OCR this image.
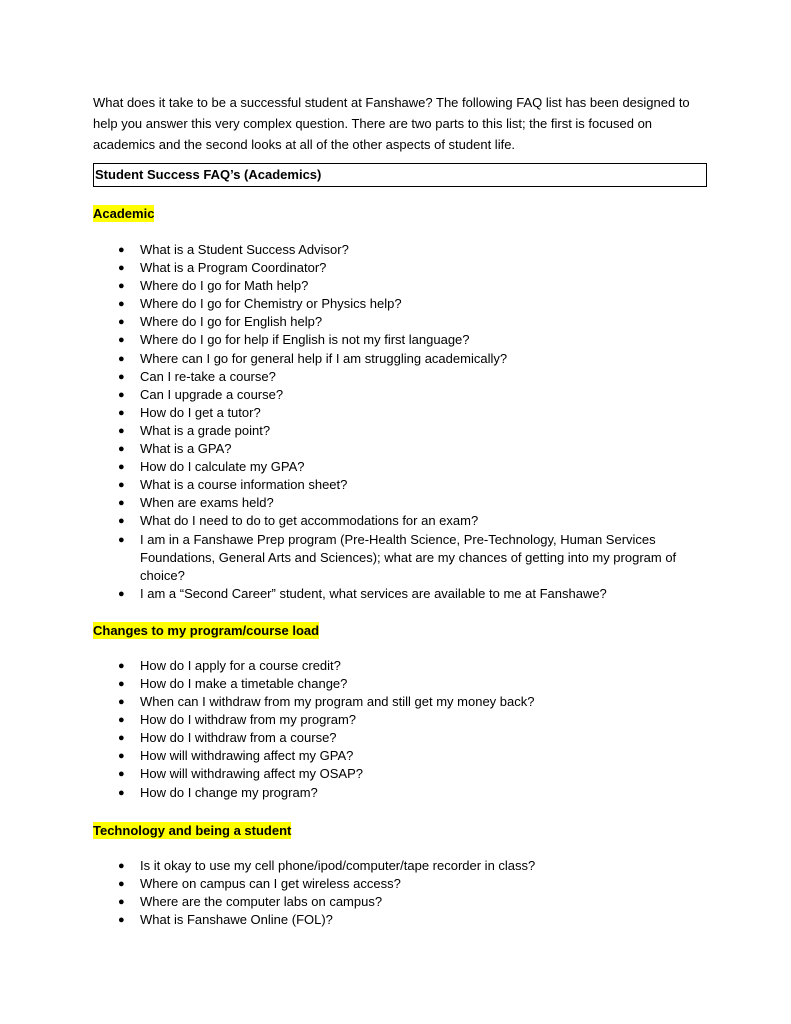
What does it take to be a successful student at Fanshawe? The following FAQ list has been designed to help you answer this very complex question. There are two parts to this list; the first is focused on academics and the second looks at all of the other aspects of student life.

Student Success FAQ’s (Academics)
Academic
● What is a Student Success Advisor?
● What is a Program Coordinator?
● Where do I go for Math help?
● Where do I go for Chemistry or Physics help?
● Where do I go for English help?
● Where do I go for help if English is not my first language?
● Where can I go for general help if I am struggling academically?
● Can I re-take a course?
● Can I upgrade a course?
● How do I get a tutor?
● What is a grade point?
● What is a GPA?
● How do I calculate my GPA?
● What is a course information sheet?
● When are exams held?
● What do I need to do to get accommodations for an exam?
● I am in a Fanshawe Prep program (Pre-Health Science, Pre-Technology, Human Services Foundations, General Arts and Sciences); what are my chances of getting into my program of choice?
● I am a “Second Career” student, what services are available to me at Fanshawe?
Changes to my program/course load
● How do I apply for a course credit?
● How do I make a timetable change?
● When can I withdraw from my program and still get my money back?
● How do I withdraw from my program?
● How do I withdraw from a course?
● How will withdrawing affect my GPA?
● How will withdrawing affect my OSAP?
● How do I change my program?
Technology and being a student
● Is it okay to use my cell phone/ipod/computer/tape recorder in class?
● Where on campus can I get wireless access?
● Where are the computer labs on campus?
● What is Fanshawe Online (FOL)?
